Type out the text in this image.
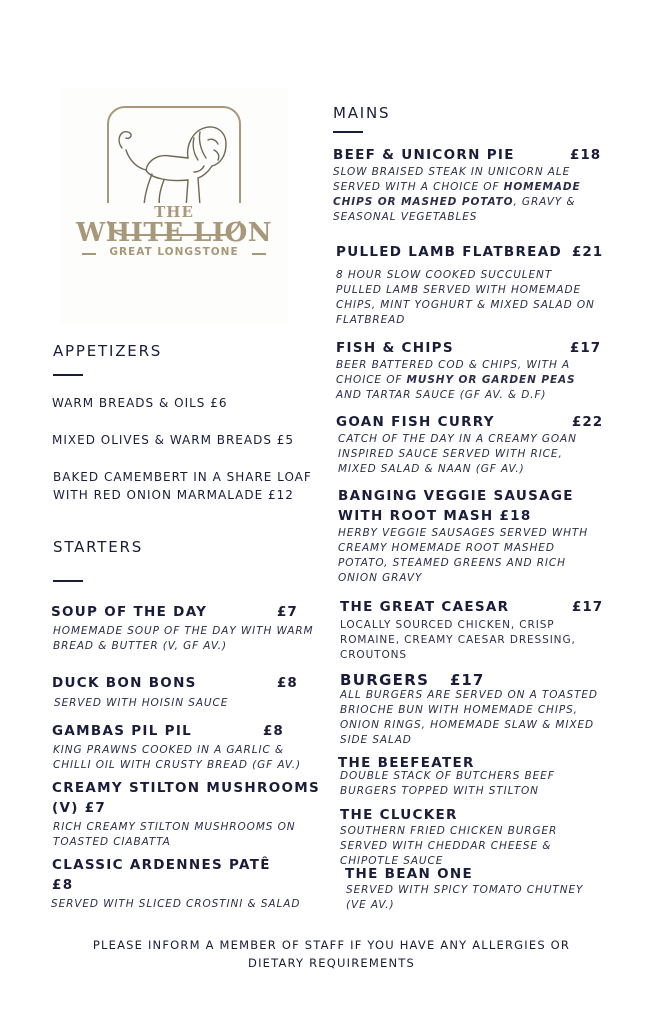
THE
WHITE LION
GREAT LONGSTONE
APPETIZERS
WARM BREADS & OILS £6
MIXED OLIVES & WARM BREADS £5
BAKED CAMEMBERT IN A SHARE LOAF
WITH RED ONION MARMALADE £12
STARTERS
SOUP OF THE DAY	£7
HOMEMADE SOUP OF THE DAY WITH WARM BREAD & BUTTER (V, GF AV.)
DUCK BON BONS	£8
SERVED WITH HOISIN SAUCE
GAMBAS PIL PIL	£8
KING PRAWNS COOKED IN A GARLIC & CHILLI OIL WITH CRUSTY BREAD (GF AV.)
CREAMY STILTON MUSHROOMS
(V) £7
RICH CREAMY STILTON MUSHROOMS ON TOASTED CIABATTA
CLASSIC ARDENNES PATÊ
£8
SERVED WITH SLICED CROSTINI & SALAD
MAINS
BEEF & UNICORN PIE	£18
SLOW BRAISED STEAK IN UNICORN ALE SERVED WITH A CHOICE OF HOMEMADE CHIPS OR MASHED POTATO, GRAVY & SEASONAL VEGETABLES
PULLED LAMB FLATBREAD £21
8 HOUR SLOW COOKED SUCCULENT PULLED LAMB SERVED WITH HOMEMADE CHIPS, MINT YOGHURT & MIXED SALAD ON FLATBREAD
FISH & CHIPS	£17
BEER BATTERED COD & CHIPS, WITH A CHOICE OF MUSHY OR GARDEN PEAS AND TARTAR SAUCE (GF AV. & D.F)
GOAN FISH CURRY	£22
CATCH OF THE DAY IN A CREAMY GOAN INSPIRED SAUCE SERVED WITH RICE, MIXED SALAD & NAAN (GF AV.)
BANGING VEGGIE SAUSAGE
WITH ROOT MASH £18
HERBY VEGGIE SAUSAGES SERVED WHTH CREAMY HOMEMADE ROOT MASHED POTATO, STEAMED GREENS AND RICH ONION GRAVY
THE GREAT CAESAR	£17
LOCALLY SOURCED CHICKEN, CRISP ROMAINE, CREAMY CAESAR DRESSING, CROUTONS
BURGERS £17
ALL BURGERS ARE SERVED ON A TOASTED BRIOCHE BUN WITH HOMEMADE CHIPS, ONION RINGS, HOMEMADE SLAW & MIXED SIDE SALAD
THE BEEFEATER
DOUBLE STACK OF BUTCHERS BEEF BURGERS TOPPED WITH STILTON
THE CLUCKER
SOUTHERN FRIED CHICKEN BURGER SERVED WITH CHEDDAR CHEESE & CHIPOTLE SAUCE
THE BEAN ONE
SERVED WITH SPICY TOMATO CHUTNEY (VE AV.)
PLEASE INFORM A MEMBER OF STAFF IF YOU HAVE ANY ALLERGIES OR
DIETARY REQUIREMENTS
